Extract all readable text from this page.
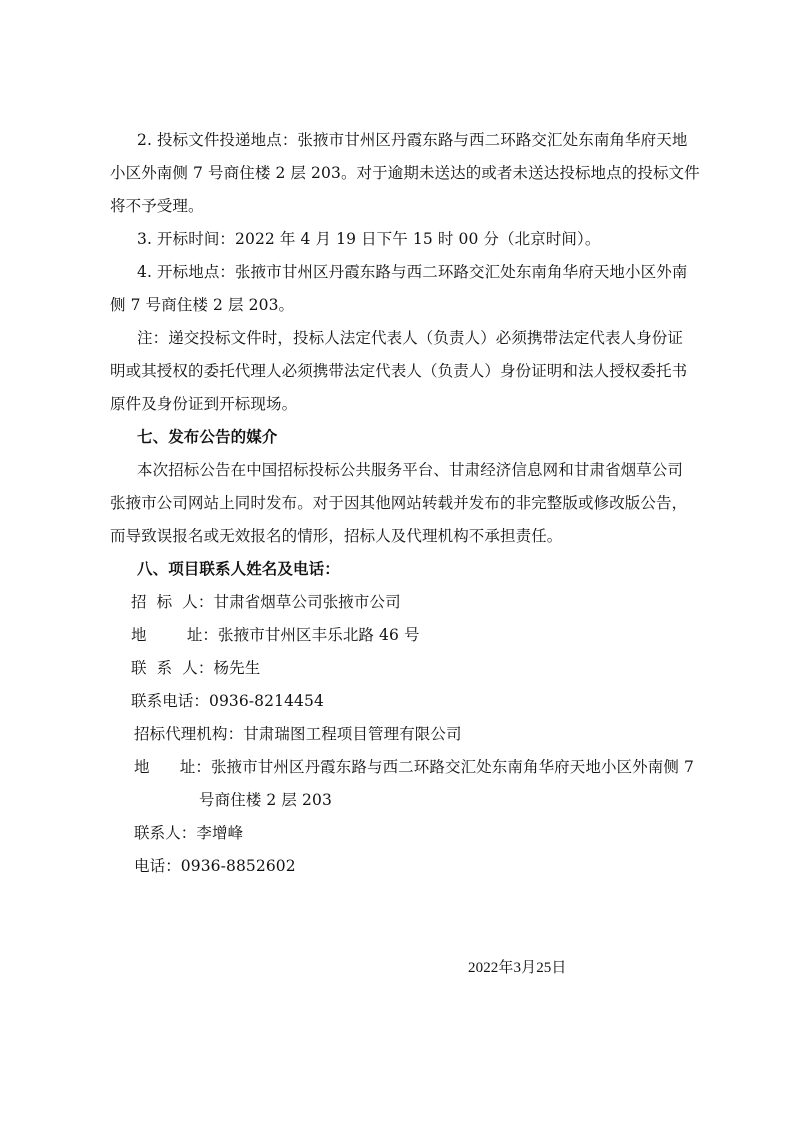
2. 投标文件投递地点：张掖市甘州区丹霞东路与西二环路交汇处东南角华府天地
小区外南侧 7 号商住楼 2 层 203。对于逾期未送达的或者未送达投标地点的投标文件
将不予受理。
3. 开标时间：2022 年 4 月 19 日下午 15 时 00 分（北京时间）。
4. 开标地点：张掖市甘州区丹霞东路与西二环路交汇处东南角华府天地小区外南
侧 7 号商住楼 2 层 203。
注：递交投标文件时，投标人法定代表人（负责人）必须携带法定代表人身份证
明或其授权的委托代理人必须携带法定代表人（负责人）身份证明和法人授权委托书
原件及身份证到开标现场。
七、发布公告的媒介
本次招标公告在中国招标投标公共服务平台、甘肃经济信息网和甘肃省烟草公司
张掖市公司网站上同时发布。对于因其他网站转载并发布的非完整版或修改版公告，
而导致误报名或无效报名的情形，招标人及代理机构不承担责任。
八、项目联系人姓名及电话：
招  标  人：甘肃省烟草公司张掖市公司
地        址：张掖市甘州区丰乐北路 46 号
联  系  人：杨先生
联系电话：0936-8214454
招标代理机构：甘肃瑞图工程项目管理有限公司
地      址：张掖市甘州区丹霞东路与西二环路交汇处东南角华府天地小区外南侧 7
号商住楼 2 层 203
联系人：李增峰
电话：0936-8852602
2022年3月25日
